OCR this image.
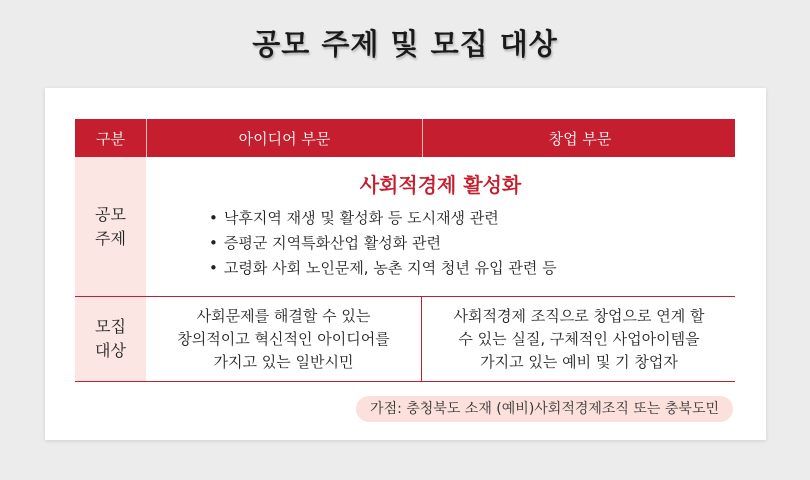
공모 주제 및 모집 대상
구분	아이디어 부문	창업 부문
공모
주제
사회적경제 활성화
• 낙후지역 재생 및 활성화 등 도시재생 관련
• 증평군 지역특화산업 활성화 관련
• 고령화 사회 노인문제, 농촌 지역 청년 유입 관련 등
모집
대상
사회문제를 해결할 수 있는
창의적이고 혁신적인 아이디어를
가지고 있는 일반시민
사회적경제 조직으로 창업으로 연계 할
수 있는 실질, 구체적인 사업아이템을
가지고 있는 예비 및 기 창업자
가점: 충청북도 소재 (예비)사회적경제조직 또는 충북도민
